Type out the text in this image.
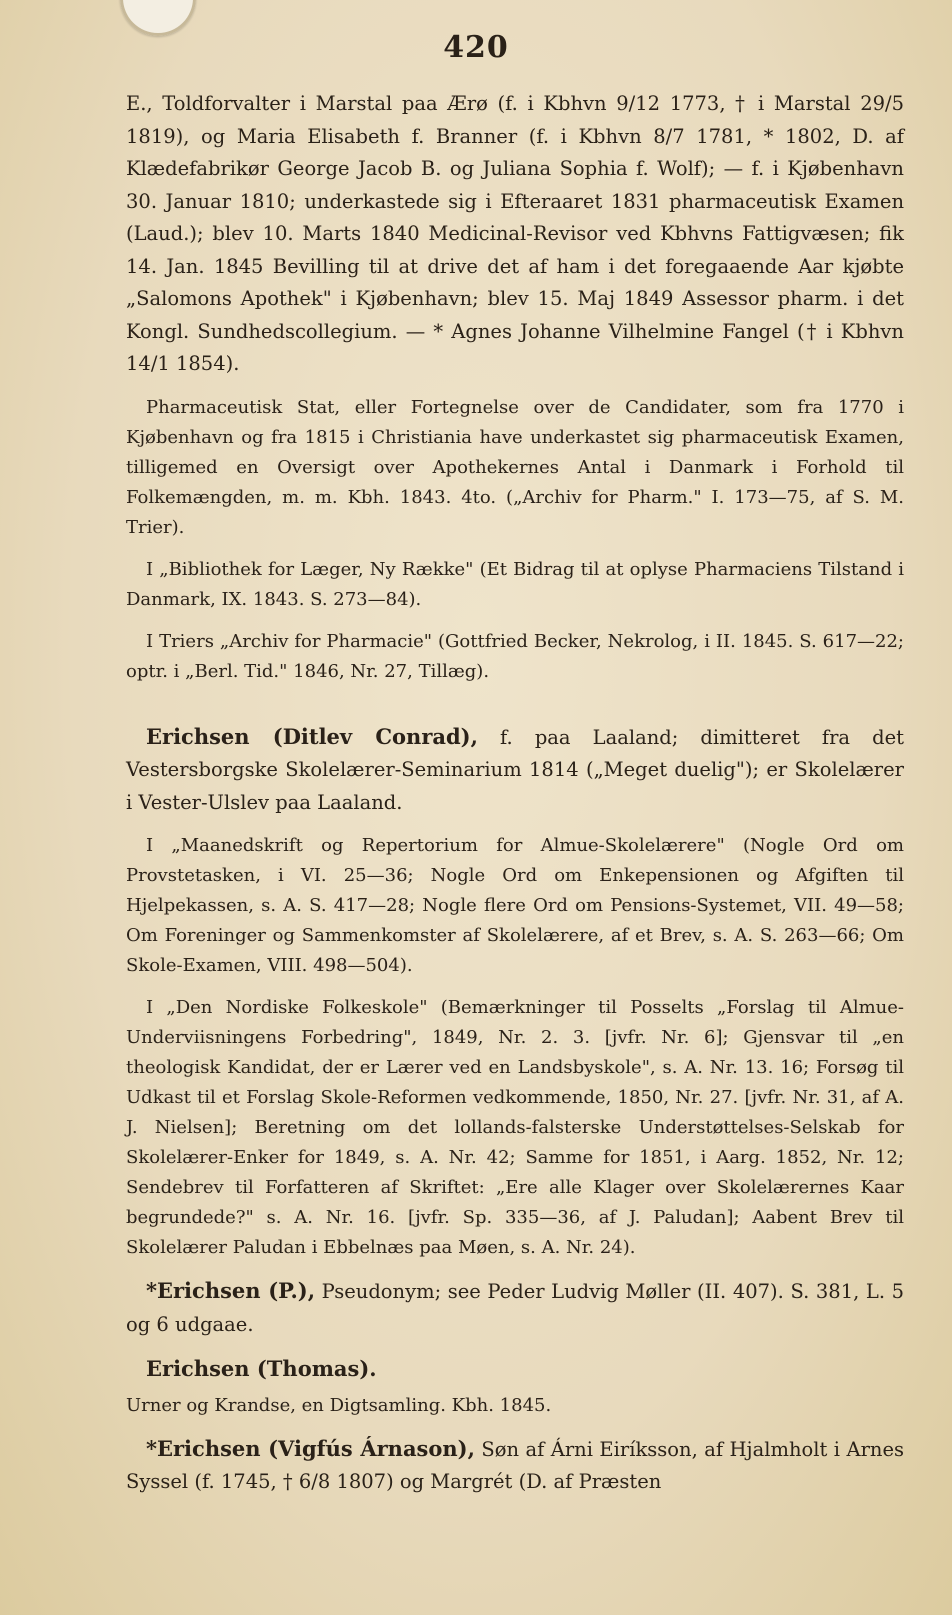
420

E., Toldforvalter i Marstal paa Ærø (f. i Kbhvn 9/12 1773, † i Marstal 29/5 1819), og Maria Elisabeth f. Branner (f. i Kbhvn 8/7 1781, * 1802, D. af Klædefabrikør George Jacob B. og Juliana Sophia f. Wolf); — f. i Kjøbenhavn 30. Januar 1810; underkastede sig i Efteraaret 1831 pharmaceutisk Examen (Laud.); blev 10. Marts 1840 Medicinal-Revisor ved Kbhvns Fattigvæsen; fik 14. Jan. 1845 Bevilling til at drive det af ham i det foregaaende Aar kjøbte „Salomons Apothek" i Kjøbenhavn; blev 15. Maj 1849 Assessor pharm. i det Kongl. Sundhedscollegium. — * Agnes Johanne Vilhelmine Fangel († i Kbhvn 14/1 1854).

Pharmaceutisk Stat, eller Fortegnelse over de Candidater, som fra 1770 i Kjøbenhavn og fra 1815 i Christiania have underkastet sig pharmaceutisk Examen, tilligemed en Oversigt over Apothekernes Antal i Danmark i Forhold til Folkemængden, m. m. Kbh. 1843. 4to. („Archiv for Pharm." I. 173—75, af S. M. Trier).

I „Bibliothek for Læger, Ny Række" (Et Bidrag til at oplyse Pharmaciens Tilstand i Danmark, IX. 1843. S. 273—84).

I Triers „Archiv for Pharmacie" (Gottfried Becker, Nekrolog, i II. 1845. S. 617—22; optr. i „Berl. Tid." 1846, Nr. 27, Tillæg).

Erichsen (Ditlev Conrad), f. paa Laaland; dimitteret fra det Vestersborgske Skolelærer-Seminarium 1814 („Meget duelig"); er Skolelærer i Vester-Ulslev paa Laaland.

I „Maanedskrift og Repertorium for Almue-Skolelærere" (Nogle Ord om Provstetasken, i VI. 25—36; Nogle Ord om Enkepensionen og Afgiften til Hjelpekassen, s. A. S. 417—28; Nogle flere Ord om Pensions-Systemet, VII. 49—58; Om Foreninger og Sammenkomster af Skolelærere, af et Brev, s. A. S. 263—66; Om Skole-Examen, VIII. 498—504).

I „Den Nordiske Folkeskole" (Bemærkninger til Posselts „Forslag til Almue-Underviisningens Forbedring", 1849, Nr. 2. 3. [jvfr. Nr. 6]; Gjensvar til „en theologisk Kandidat, der er Lærer ved en Landsbyskole", s. A. Nr. 13. 16; Forsøg til Udkast til et Forslag Skole-Reformen vedkommende, 1850, Nr. 27. [jvfr. Nr. 31, af A. J. Nielsen]; Beretning om det lollands-falsterske Understøttelses-Selskab for Skolelærer-Enker for 1849, s. A. Nr. 42; Samme for 1851, i Aarg. 1852, Nr. 12; Sendebrev til Forfatteren af Skriftet: „Ere alle Klager over Skolelærernes Kaar begrundede?" s. A. Nr. 16. [jvfr. Sp. 335—36, af J. Paludan]; Aabent Brev til Skolelærer Paludan i Ebbelnæs paa Møen, s. A. Nr. 24).

*Erichsen (P.), Pseudonym; see Peder Ludvig Møller (II. 407). S. 381, L. 5 og 6 udgaae.

Erichsen (Thomas).

Urner og Krandse, en Digtsamling. Kbh. 1845.

*Erichsen (Vigfús Árnason), Søn af Árni Eiríksson, af Hjalmholt i Arnes Syssel (f. 1745, † 6/8 1807) og Margrét (D. af Præsten
